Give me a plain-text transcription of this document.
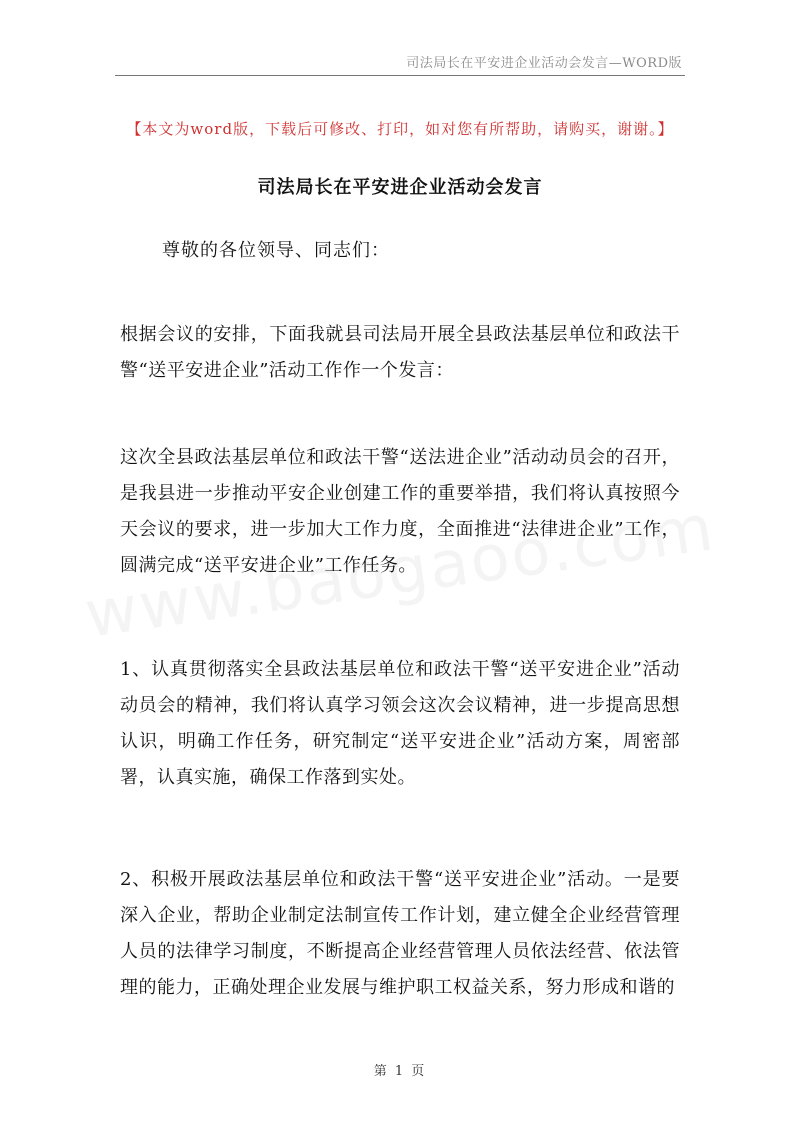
司法局长在平安进企业活动会发言—WORD版
【本文为word版，下载后可修改、打印，如对您有所帮助，请购买，谢谢。】
司法局长在平安进企业活动会发言
尊敬的各位领导、同志们：
根据会议的安排，下面我就县司法局开展全县政法基层单位和政法干警“送平安进企业”活动工作作一个发言：
这次全县政法基层单位和政法干警“送法进企业”活动动员会的召开，是我县进一步推动平安企业创建工作的重要举措，我们将认真按照今天会议的要求，进一步加大工作力度，全面推进“法律进企业”工作，圆满完成“送平安进企业”工作任务。
1、认真贯彻落实全县政法基层单位和政法干警“送平安进企业”活动动员会的精神，我们将认真学习领会这次会议精神，进一步提高思想认识，明确工作任务，研究制定“送平安进企业”活动方案，周密部署，认真实施，确保工作落到实处。
2、积极开展政法基层单位和政法干警“送平安进企业”活动。一是要深入企业，帮助企业制定法制宣传工作计划，建立健全企业经营管理人员的法律学习制度，不断提高企业经营管理人员依法经营、依法管理的能力，正确处理企业发展与维护职工权益关系，努力形成和谐的
第 1 页
